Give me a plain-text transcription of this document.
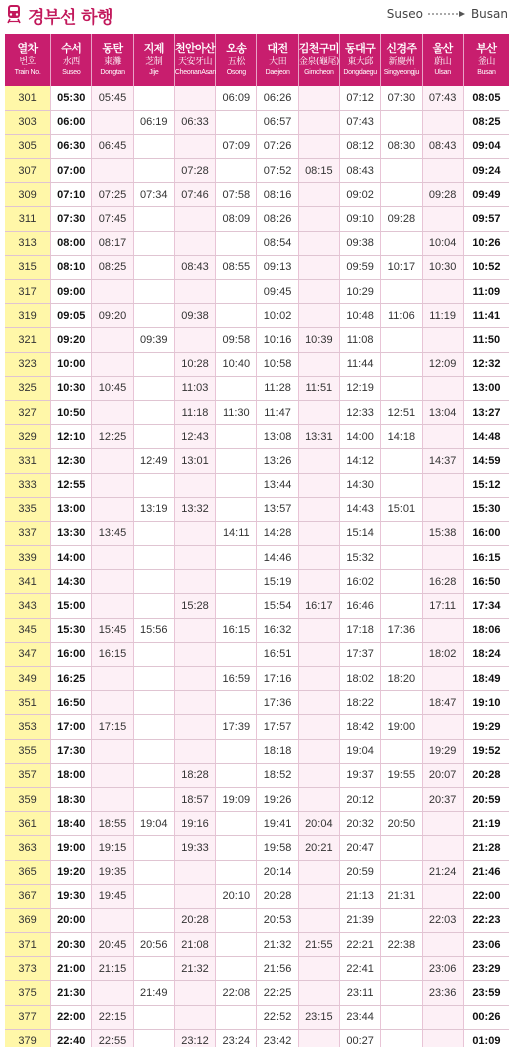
경부선 하행	Suseo	Busan
열차
번호
Train No.	수서
水西
Suseo	동탄
東灘
Dongtan	지제
芝制
Jije	천안아산
天安牙山
CheonanAsan	오송
五松
Osong	대전
大田
Daejeon	김천구미
金泉(龜尾)
Gimcheon	동대구
東大邱
Dongdaegu	신경주
新慶州
Singyeongju	울산
蔚山
Ulsan	부산
釜山
Busan

301	05:30	05:45			06:09	06:26		07:12	07:30	07:43	08:05
303	06:00		06:19	06:33		06:57		07:43			08:25
305	06:30	06:45			07:09	07:26		08:12	08:30	08:43	09:04
307	07:00			07:28		07:52	08:15	08:43			09:24
309	07:10	07:25	07:34	07:46	07:58	08:16		09:02		09:28	09:49
311	07:30	07:45			08:09	08:26		09:10	09:28		09:57
313	08:00	08:17				08:54		09:38		10:04	10:26
315	08:10	08:25		08:43	08:55	09:13		09:59	10:17	10:30	10:52
317	09:00					09:45		10:29			11:09
319	09:05	09:20		09:38		10:02		10:48	11:06	11:19	11:41
321	09:20		09:39		09:58	10:16	10:39	11:08			11:50
323	10:00			10:28	10:40	10:58		11:44		12:09	12:32
325	10:30	10:45		11:03		11:28	11:51	12:19			13:00
327	10:50			11:18	11:30	11:47		12:33	12:51	13:04	13:27
329	12:10	12:25		12:43		13:08	13:31	14:00	14:18		14:48
331	12:30		12:49	13:01		13:26		14:12		14:37	14:59
333	12:55					13:44		14:30			15:12
335	13:00		13:19	13:32		13:57		14:43	15:01		15:30
337	13:30	13:45			14:11	14:28		15:14		15:38	16:00
339	14:00					14:46		15:32			16:15
341	14:30					15:19		16:02		16:28	16:50
343	15:00			15:28		15:54	16:17	16:46		17:11	17:34
345	15:30	15:45	15:56		16:15	16:32		17:18	17:36		18:06
347	16:00	16:15				16:51		17:37		18:02	18:24
349	16:25				16:59	17:16		18:02	18:20		18:49
351	16:50					17:36		18:22		18:47	19:10
353	17:00	17:15			17:39	17:57		18:42	19:00		19:29
355	17:30					18:18		19:04		19:29	19:52
357	18:00			18:28		18:52		19:37	19:55	20:07	20:28
359	18:30			18:57	19:09	19:26		20:12		20:37	20:59
361	18:40	18:55	19:04	19:16		19:41	20:04	20:32	20:50		21:19
363	19:00	19:15		19:33		19:58	20:21	20:47			21:28
365	19:20	19:35				20:14		20:59		21:24	21:46
367	19:30	19:45			20:10	20:28		21:13	21:31		22:00
369	20:00			20:28		20:53		21:39		22:03	22:23
371	20:30	20:45	20:56	21:08		21:32	21:55	22:21	22:38		23:06
373	21:00	21:15		21:32		21:56		22:41		23:06	23:29
375	21:30		21:49		22:08	22:25		23:11		23:36	23:59
377	22:00	22:15				22:52	23:15	23:44			00:26
379	22:40	22:55		23:12	23:24	23:42		00:27			01:09
